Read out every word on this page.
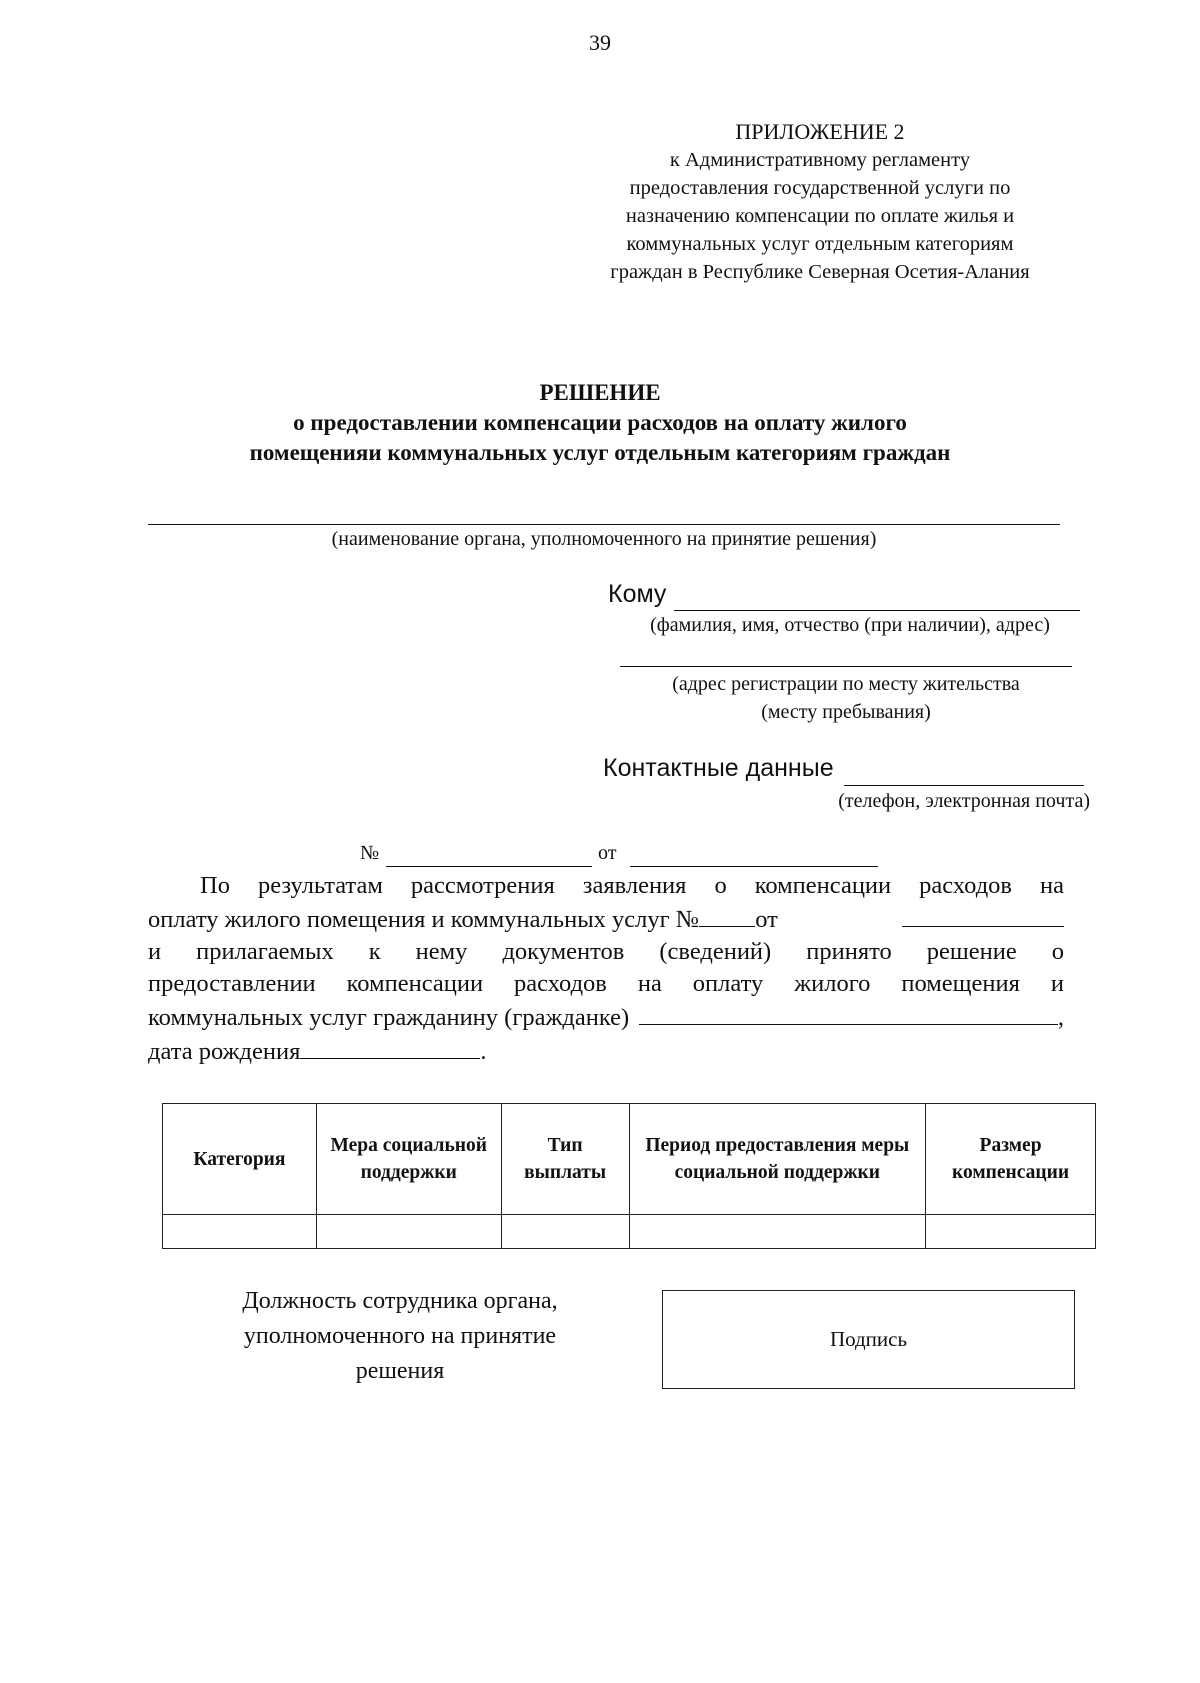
39
ПРИЛОЖЕНИЕ 2
к Административному регламенту
предоставления государственной услуги по
назначению компенсации по оплате жилья и
коммунальных услуг отдельным категориям
граждан в Республике Северная Осетия-Алания
РЕШЕНИЕ
о предоставлении компенсации расходов на оплату жилого
помещенияи коммунальных услуг отдельным категориям граждан
(наименование органа, уполномоченного на принятие решения)
Кому
(фамилия, имя, отчество (при наличии), адрес)
(адрес регистрации по месту жительства
(месту пребывания)
Контактные данные
(телефон, электронная почта)
№	от
По результатам рассмотрения заявления о компенсации расходов на
оплату жилого помещения и коммунальных услуг № от
и прилагаемых к нему документов (сведений) принято решение о
предоставлении компенсации расходов на оплату жилого помещения и
коммунальных услуг гражданину (гражданке)	,
дата рождения	.
Категория	Мера социальной поддержки	Тип выплаты	Период предоставления меры социальной поддержки	Размер компенсации

Должность сотрудника органа,
уполномоченного на принятие
решения
Подпись
